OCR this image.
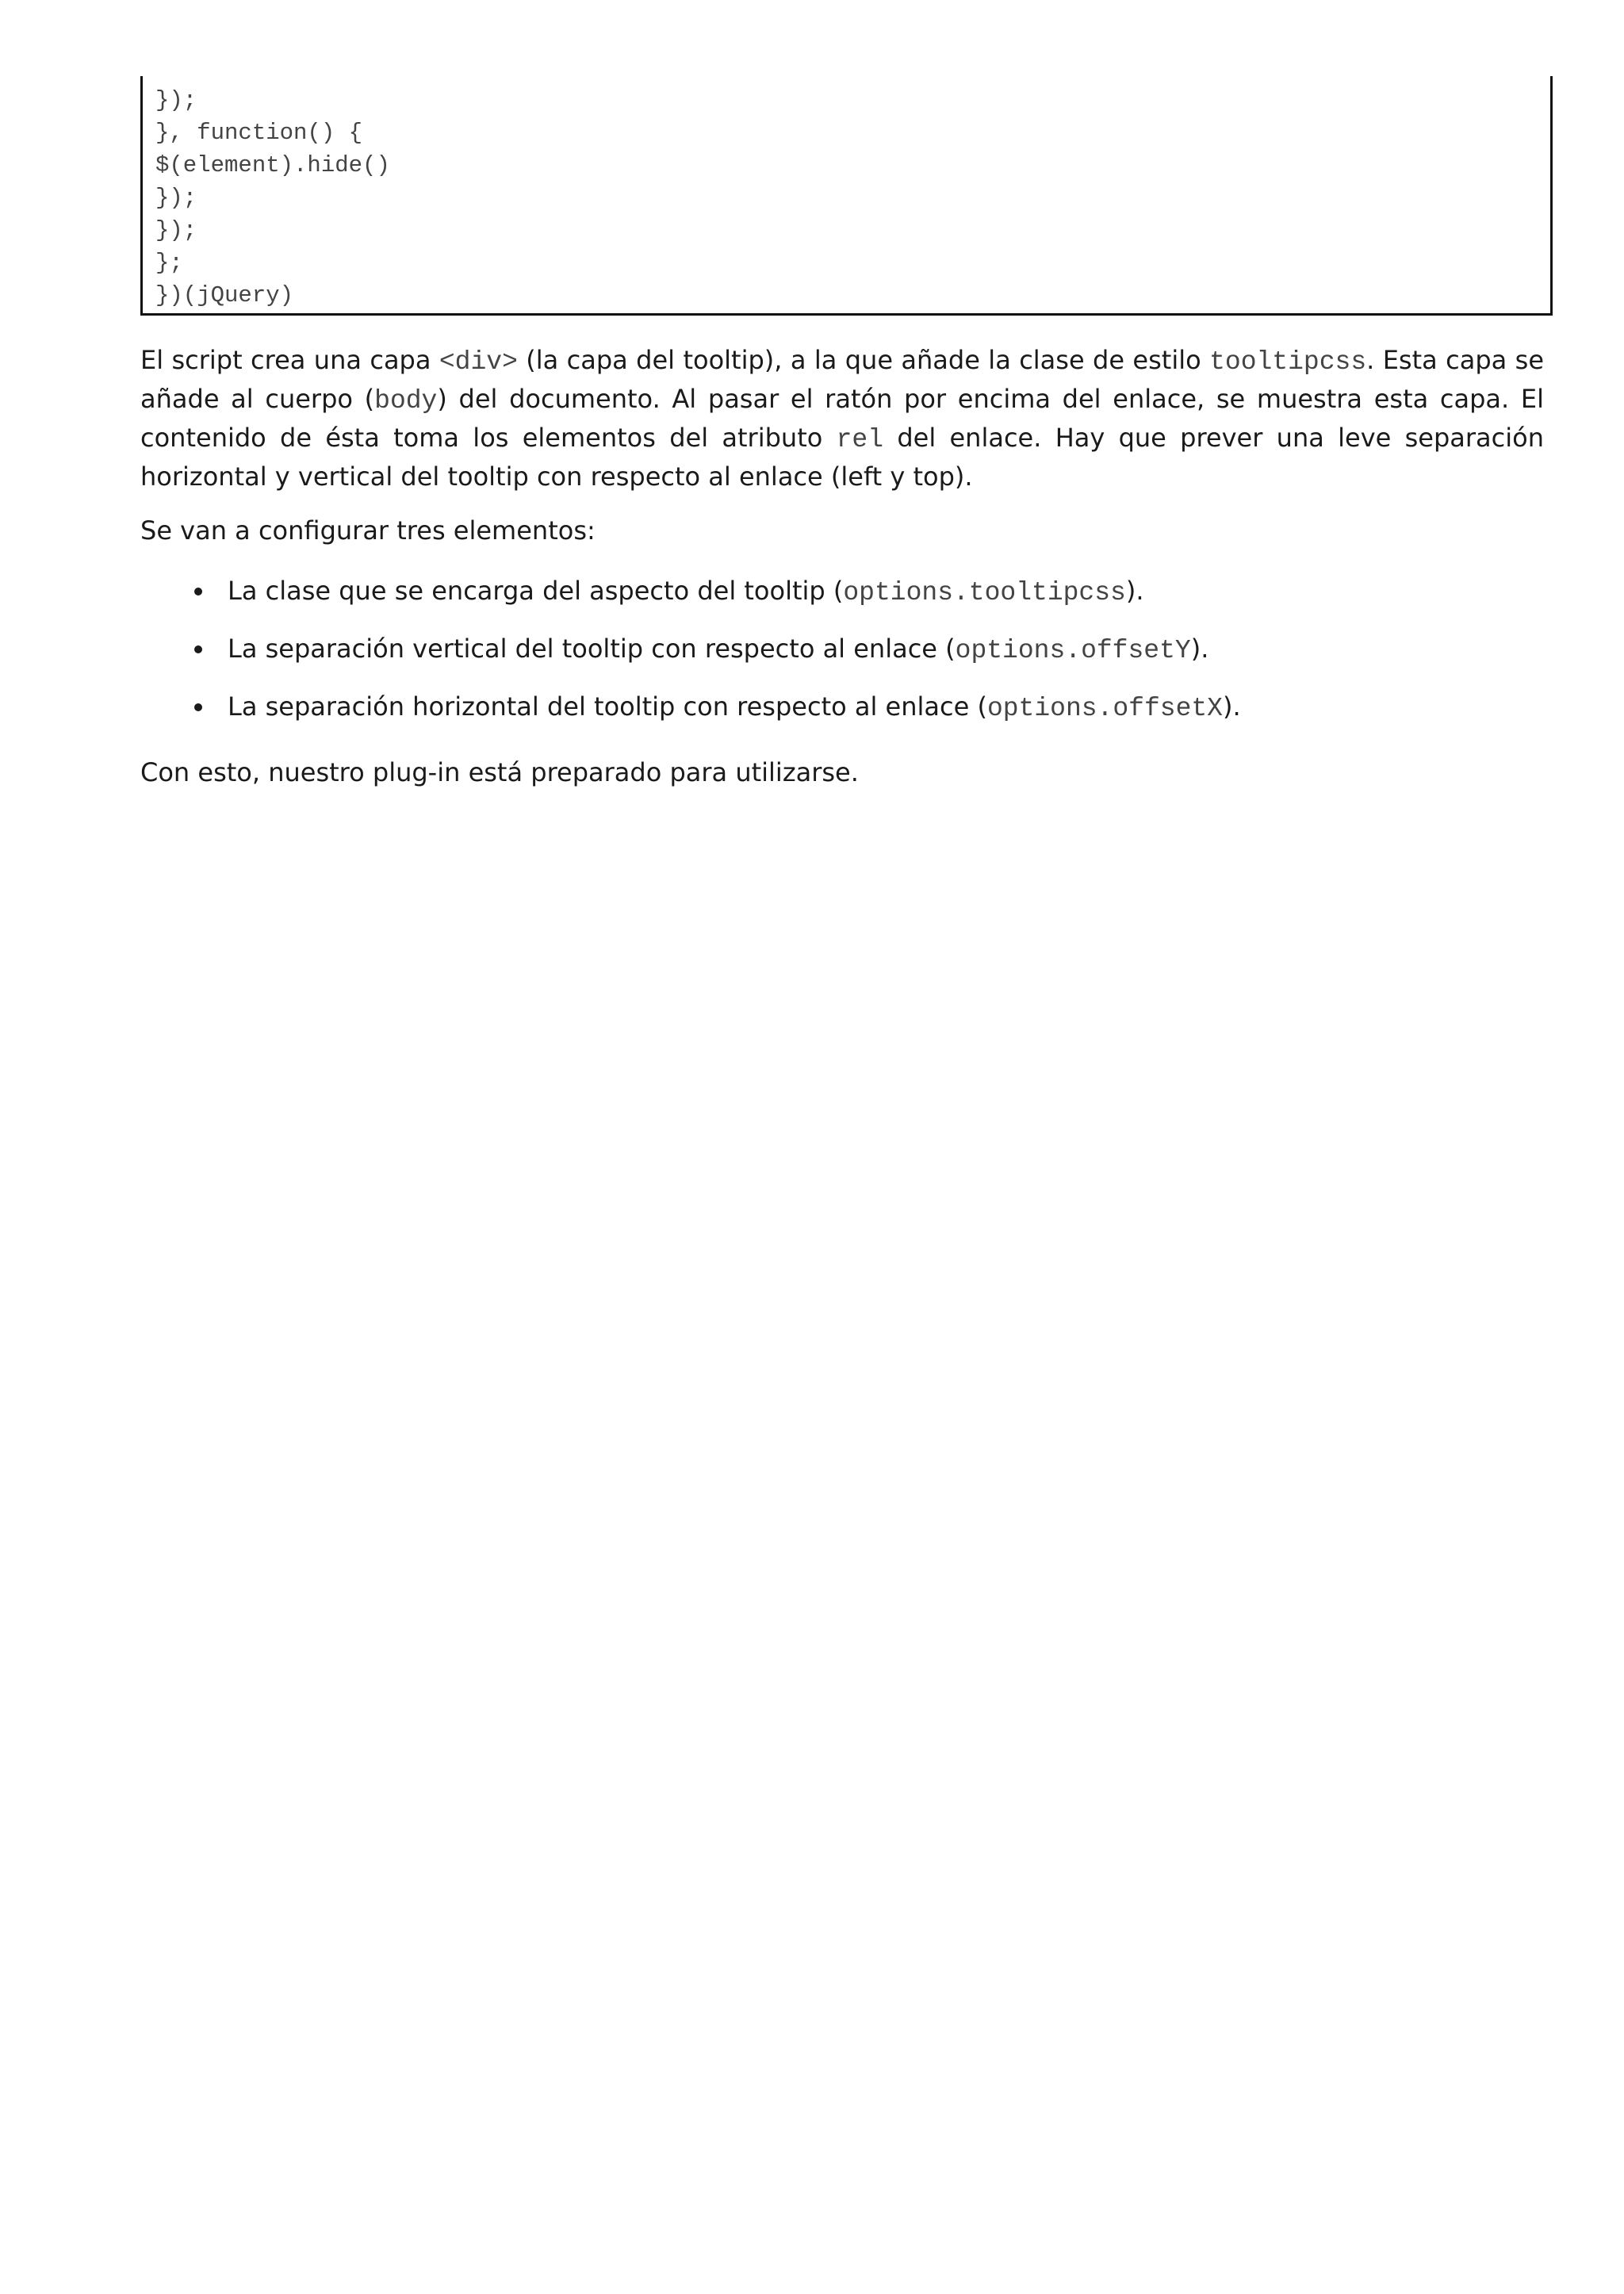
});
}, function() {
$(element).hide()
});
});
};
})(jQuery)

El script crea una capa <div> (la capa del tooltip), a la que añade la clase de estilo tooltipcss. Esta capa se añade al cuerpo (body) del documento. Al pasar el ratón por encima del enlace, se muestra esta capa. El contenido de ésta toma los elementos del atributo rel del enlace. Hay que prever una leve separación horizontal y vertical del tooltip con respecto al enlace (left y top).

Se van a configurar tres elementos:

La clase que se encarga del aspecto del tooltip (options.tooltipcss).
La separación vertical del tooltip con respecto al enlace (options.offsetY).
La separación horizontal del tooltip con respecto al enlace (options.offsetX).

Con esto, nuestro plug-in está preparado para utilizarse.
